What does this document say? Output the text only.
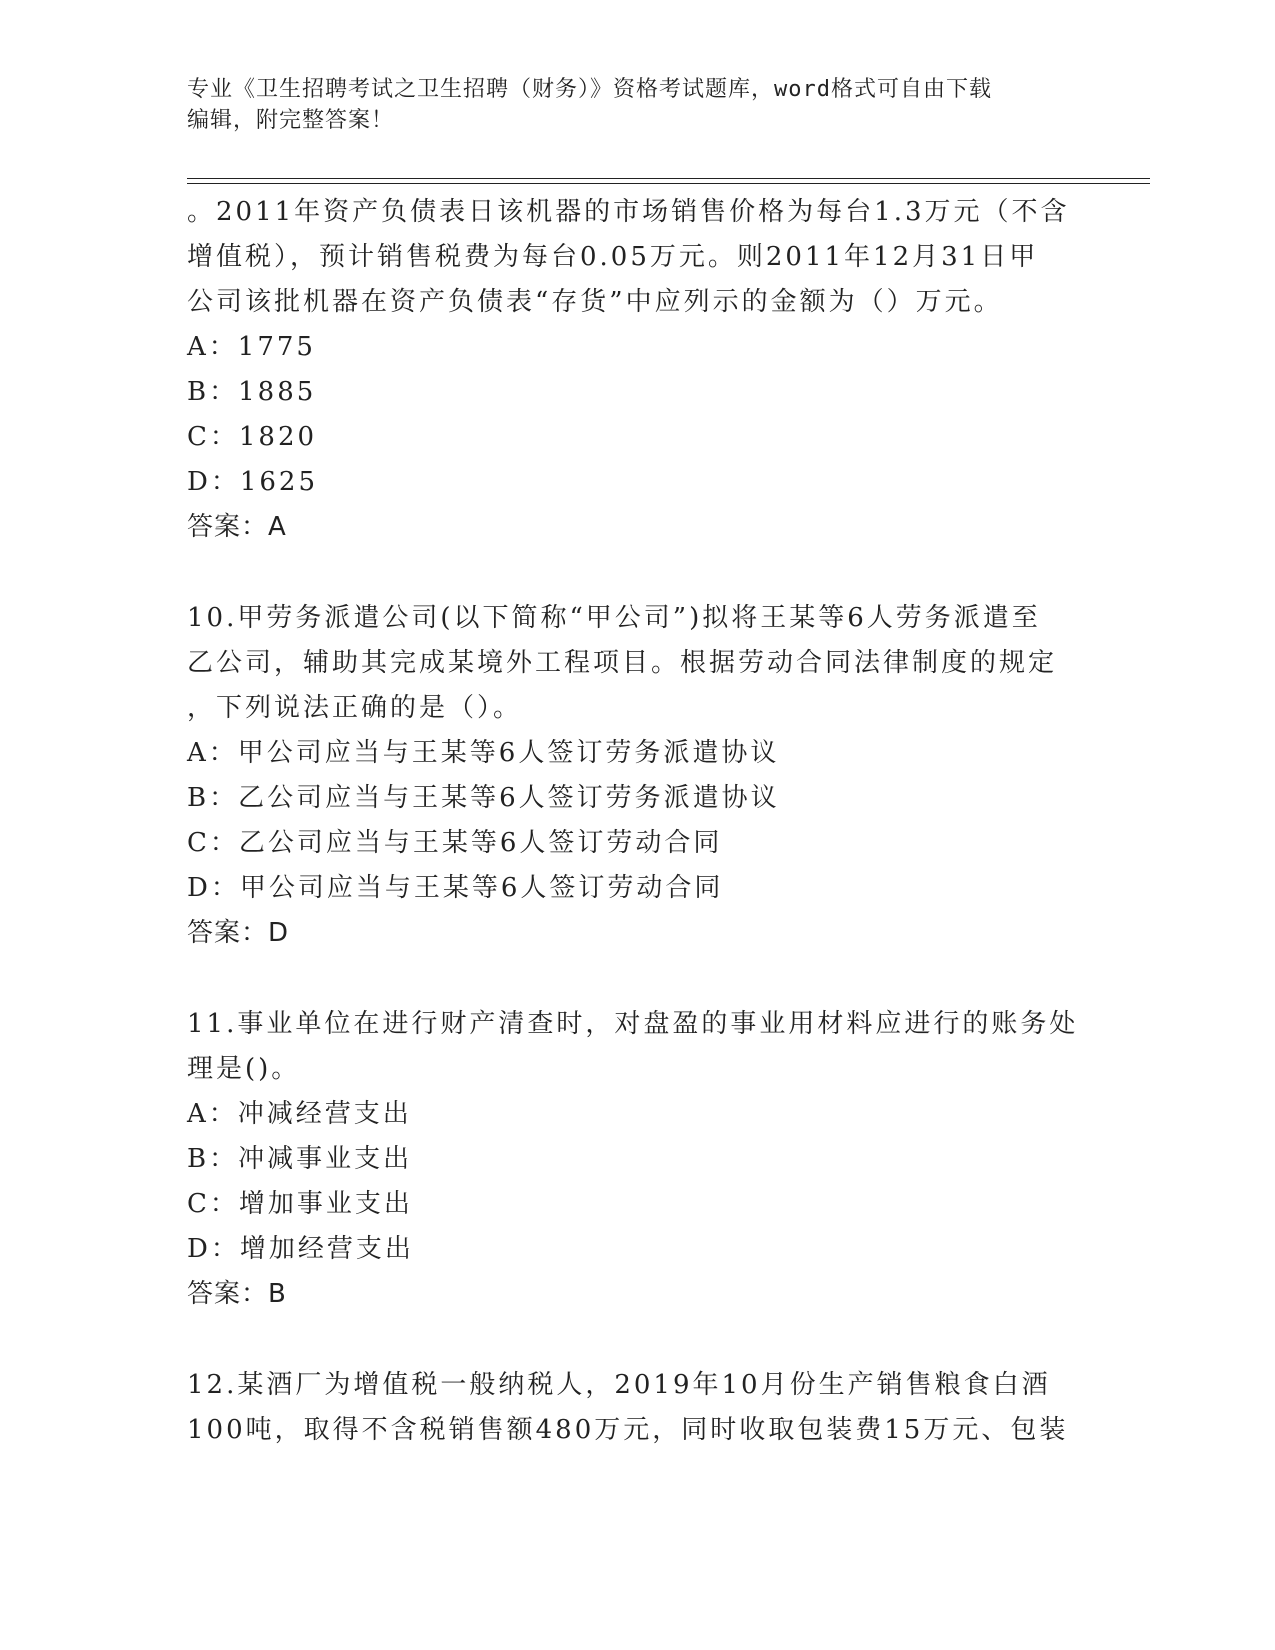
专业《卫生招聘考试之卫生招聘（财务）》资格考试题库，word格式可自由下载
编辑，附完整答案！
。2011年资产负债表日该机器的市场销售价格为每台1.3万元（不含
增值税），预计销售税费为每台0.05万元。则2011年12月31日甲
公司该批机器在资产负债表“存货”中应列示的金额为（）万元。
A：1775
B：1885
C：1820
D：1625
答案：A
10.甲劳务派遣公司(以下简称“甲公司”)拟将王某等6人劳务派遣至
乙公司，辅助其完成某境外工程项目。根据劳动合同法律制度的规定
，下列说法正确的是（）。
A：甲公司应当与王某等6人签订劳务派遣协议
B：乙公司应当与王某等6人签订劳务派遣协议
C：乙公司应当与王某等6人签订劳动合同
D：甲公司应当与王某等6人签订劳动合同
答案：D
11.事业单位在进行财产清查时，对盘盈的事业用材料应进行的账务处
理是()。
A：冲减经营支出
B：冲减事业支出
C：增加事业支出
D：增加经营支出
答案：B
12.某酒厂为增值税一般纳税人，2019年10月份生产销售粮食白酒
100吨，取得不含税销售额480万元，同时收取包装费15万元、包装
